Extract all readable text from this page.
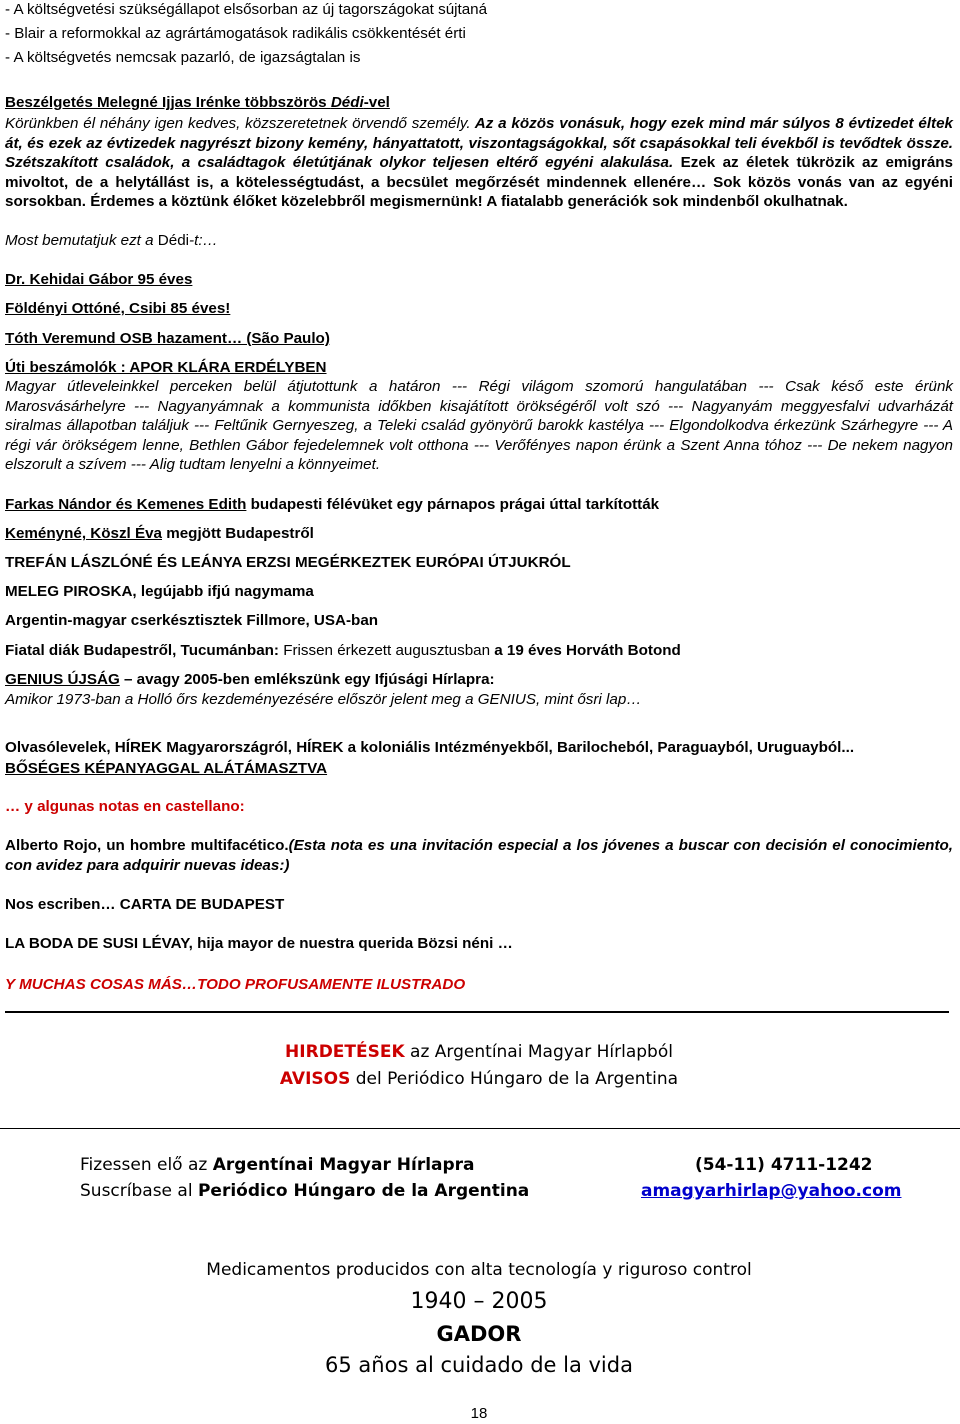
- A költségvetési szükségállapot elsősorban az új tagországokat sújtaná
- Blair a reformokkal az agrártámogatások radikális csökkentését érti
- A költségvetés nemcsak pazarló, de igazságtalan is
Beszélgetés Melegné Ijjas Irénke többszörös Dédi-vel
Körünkben él néhány igen kedves, közszeretetnek örvendő személy. Az a közös vonásuk, hogy ezek mind már súlyos 8 évtizedet éltek át, és ezek az évtizedek nagyrészt bizony kemény, hányattatott, viszontagságokkal, sőt csapásokkal teli évekből is tevődtek össze. Szétszakított családok, a családtagok életútjának olykor teljesen eltérő egyéni alakulása. Ezek az életek tükrözik az emigráns mivoltot, de a helytállást is, a kötelességtudást, a becsület megőrzését mindennek ellenére… Sok közös vonás van az egyéni sorsokban. Érdemes a köztünk élőket közelebbről megismernünk! A fiatalabb generációk sok mindenből okulhatnak.
Most bemutatjuk ezt a Dédi-t:…
Dr. Kehidai Gábor 95 éves
Földényi Ottóné, Csibi 85 éves!
Tóth Veremund OSB hazament… (São Paulo)
Úti beszámolók : APOR KLÁRA ERDÉLYBEN
Magyar útleveleinkkel perceken belül átjutottunk a határon --- Régi világom szomorú hangulatában --- Csak késő este érünk Marosvásárhelyre --- Nagyanyámnak a kommunista időkben kisajátított örökségéről volt szó --- Nagyanyám meggyesfalvi udvarházát siralmas állapotban találjuk --- Feltűnik Gernyeszeg, a Teleki család gyönyörű barokk kastélya --- Elgondolkodva érkezünk Szárhegyre --- A régi vár örökségem lenne, Bethlen Gábor fejedelemnek volt otthona --- Verőfényes napon érünk a Szent Anna tóhoz --- De nekem nagyon elszorult a szívem --- Alig tudtam lenyelni a könnyeimet.
Farkas Nándor és Kemenes Edith budapesti félévüket egy párnapos prágai úttal tarkították
Keményné, Köszl Éva megjött Budapestről
TREFÁN LÁSZLÓNÉ ÉS LEÁNYA ERZSI MEGÉRKEZTEK EURÓPAI ÚTJUKRÓL
MELEG PIROSKA, legújabb ifjú nagymama
Argentin-magyar cserkésztisztek Fillmore, USA-ban
Fiatal diák Budapestről, Tucumánban: Frissen érkezett augusztusban a 19 éves Horváth Botond
GENIUS ÚJSÁG – avagy 2005-ben emlékszünk egy Ifjúsági Hírlapra:
Amikor 1973-ban a Holló őrs kezdeményezésére először jelent meg a GENIUS, mint ősri lap…
Olvasólevelek, HÍREK Magyarországról, HÍREK a koloniális Intézményekből, Barilocheból, Paraguayból, Uruguayból...
BŐSÉGES KÉPANYAGGAL ALÁTÁMASZTVA
… y algunas notas en castellano:
Alberto Rojo, un hombre multifacético.(Esta nota es una invitación especial a los jóvenes a buscar con decisión el conocimiento, con avidez para adquirir nuevas ideas:)
Nos escriben… CARTA DE BUDAPEST
LA BODA DE SUSI LÉVAY, hija mayor de nuestra querida Bözsi néni …
Y MUCHAS COSAS MÁS…TODO PROFUSAMENTE ILUSTRADO
HIRDETÉSEK az Argentínai Magyar Hírlapból
AVISOS del Periódico Húngaro de la Argentina
Fizessen elő az Argentínai Magyar Hírlapra	(54-11) 4711-1242
Suscríbase al Periódico Húngaro de la Argentina	amagyarhirlap@yahoo.com
Medicamentos producidos con alta tecnología y riguroso control
1940 – 2005
GADOR
65 años al cuidado de la vida
18
